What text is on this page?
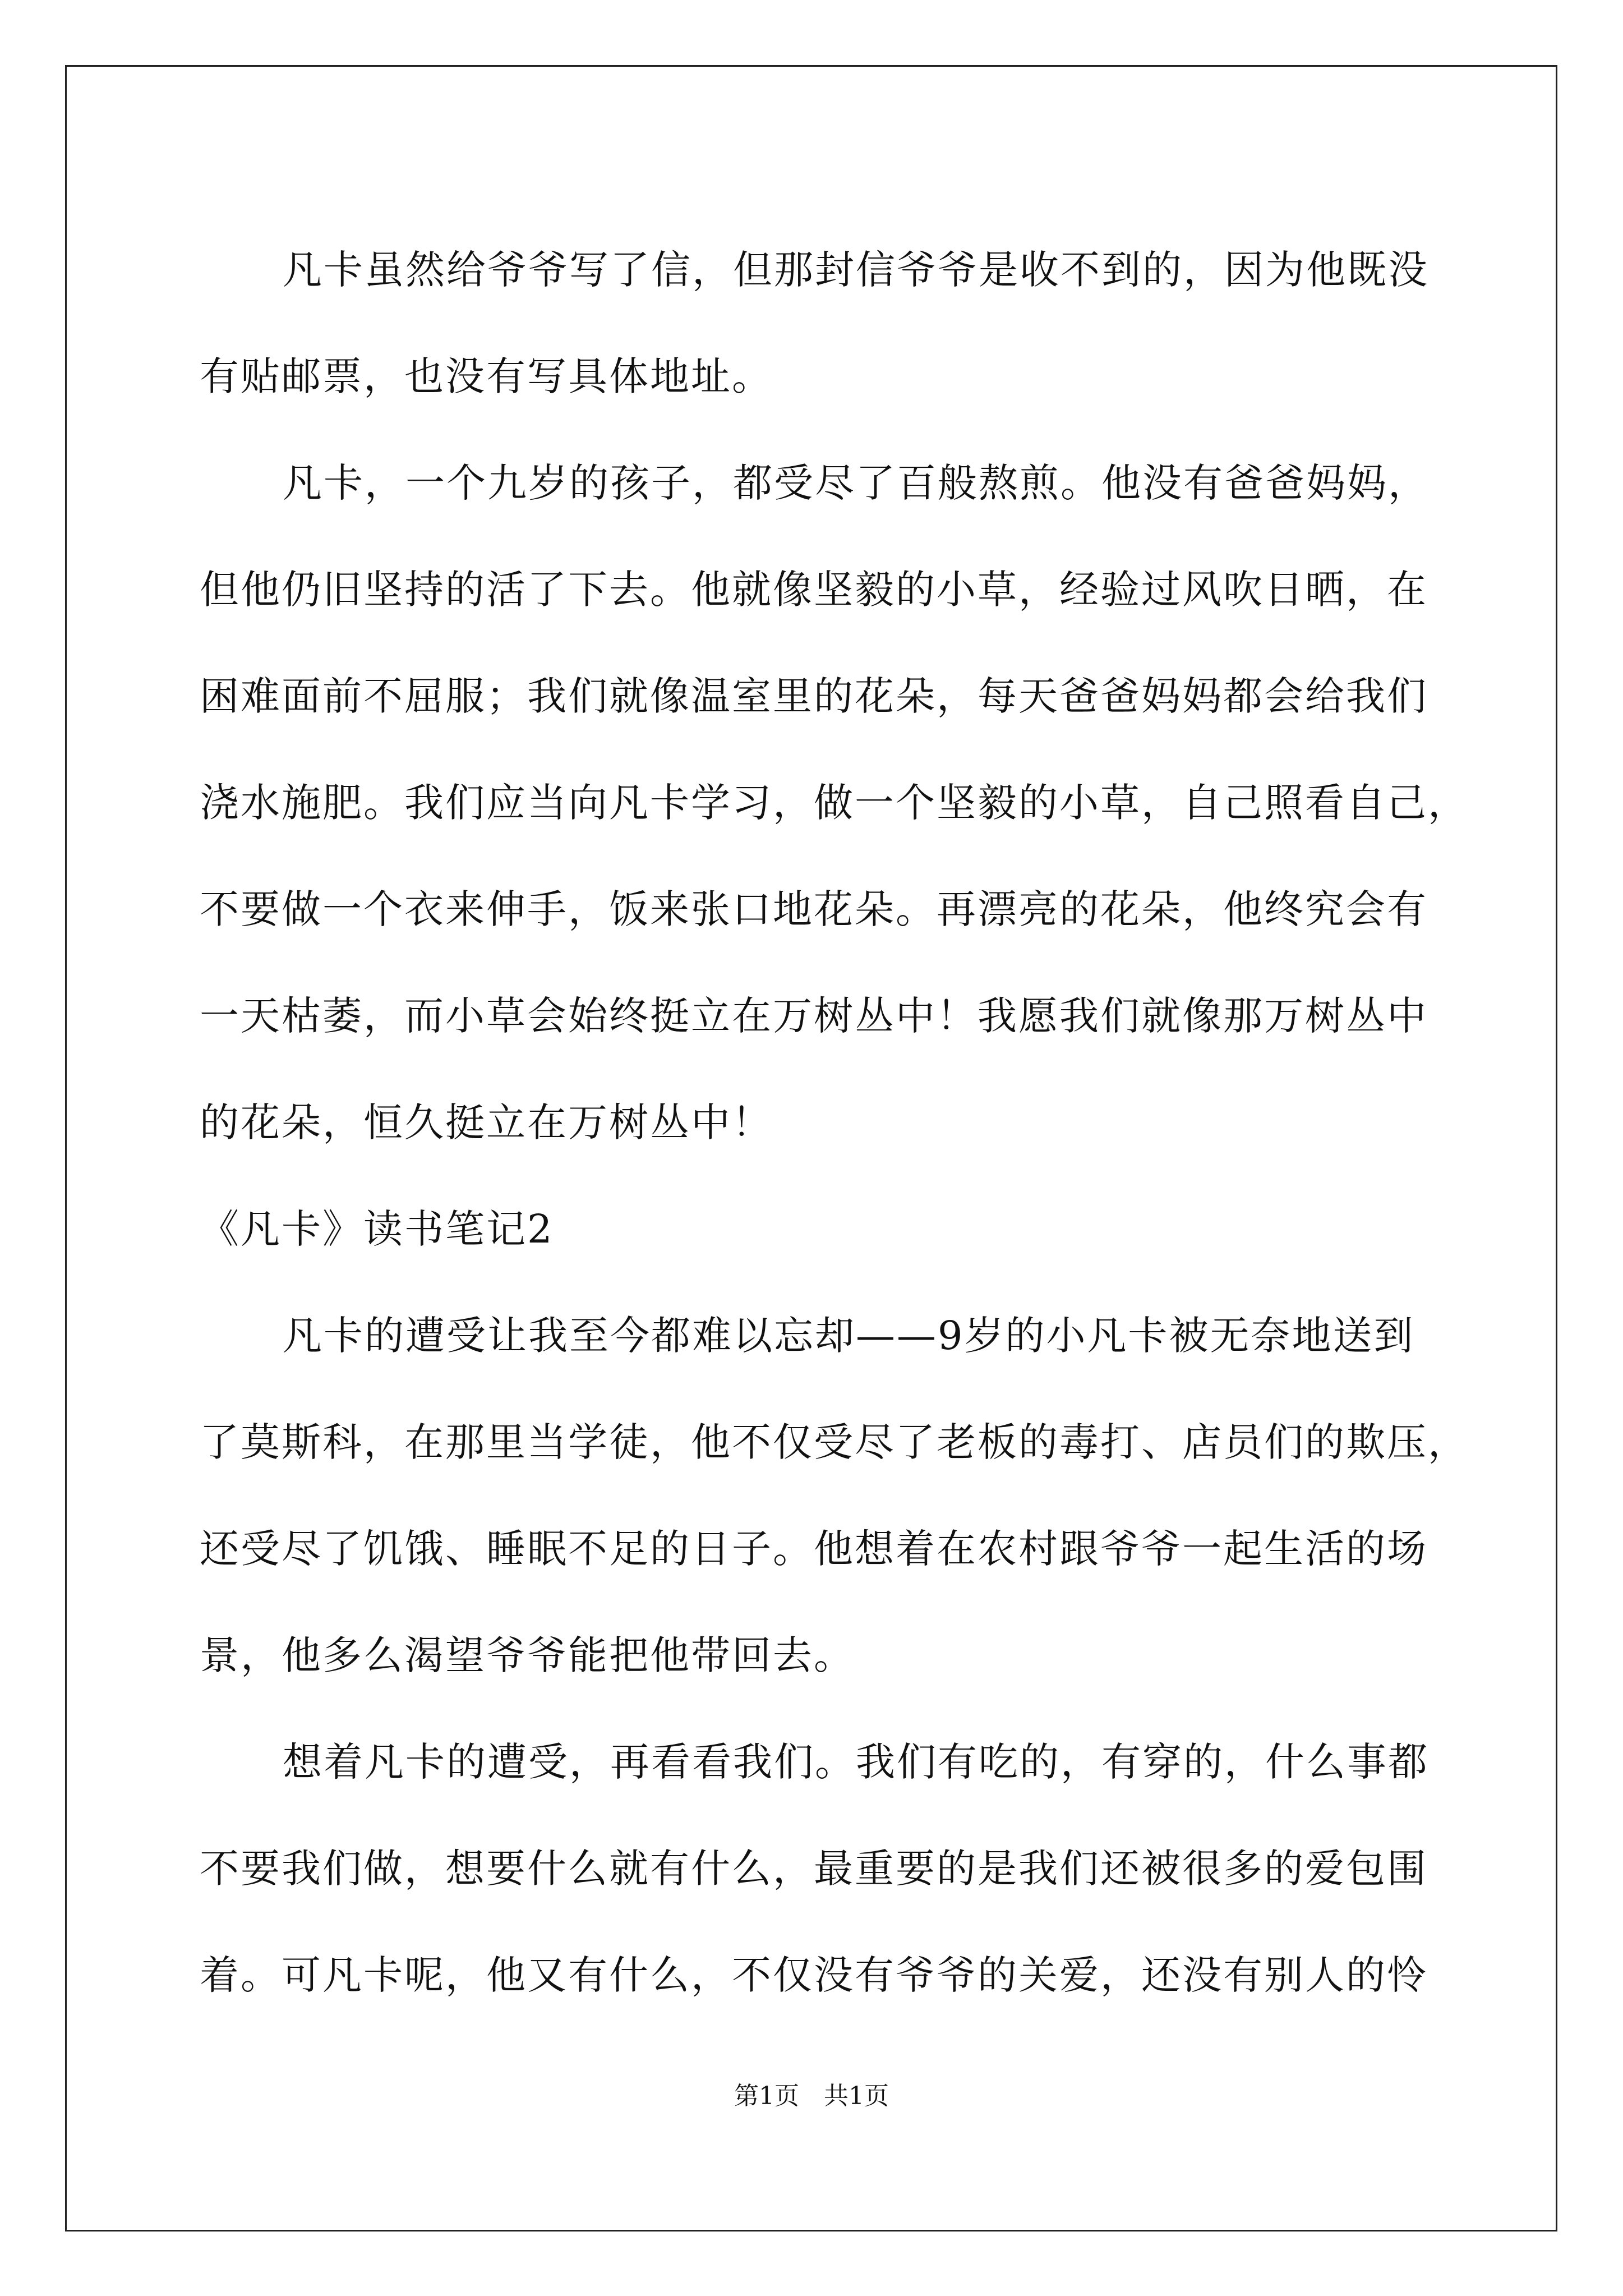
凡卡虽然给爷爷写了信，但那封信爷爷是收不到的，因为他既没
有贴邮票，也没有写具体地址。
凡卡，一个九岁的孩子，都受尽了百般熬煎。他没有爸爸妈妈，
但他仍旧坚持的活了下去。他就像坚毅的小草，经验过风吹日晒，在
困难面前不屈服；我们就像温室里的花朵，每天爸爸妈妈都会给我们
浇水施肥。我们应当向凡卡学习，做一个坚毅的小草，自己照看自己，
不要做一个衣来伸手，饭来张口地花朵。再漂亮的花朵，他终究会有
一天枯萎，而小草会始终挺立在万树丛中！我愿我们就像那万树丛中
的花朵，恒久挺立在万树丛中！
《凡卡》读书笔记2
凡卡的遭受让我至今都难以忘却——9岁的小凡卡被无奈地送到
了莫斯科，在那里当学徒，他不仅受尽了老板的毒打、店员们的欺压，
还受尽了饥饿、睡眠不足的日子。他想着在农村跟爷爷一起生活的场
景，他多么渴望爷爷能把他带回去。
想着凡卡的遭受，再看看我们。我们有吃的，有穿的，什么事都
不要我们做，想要什么就有什么，最重要的是我们还被很多的爱包围
着。可凡卡呢，他又有什么，不仅没有爷爷的关爱，还没有别人的怜
第1页　共1页
